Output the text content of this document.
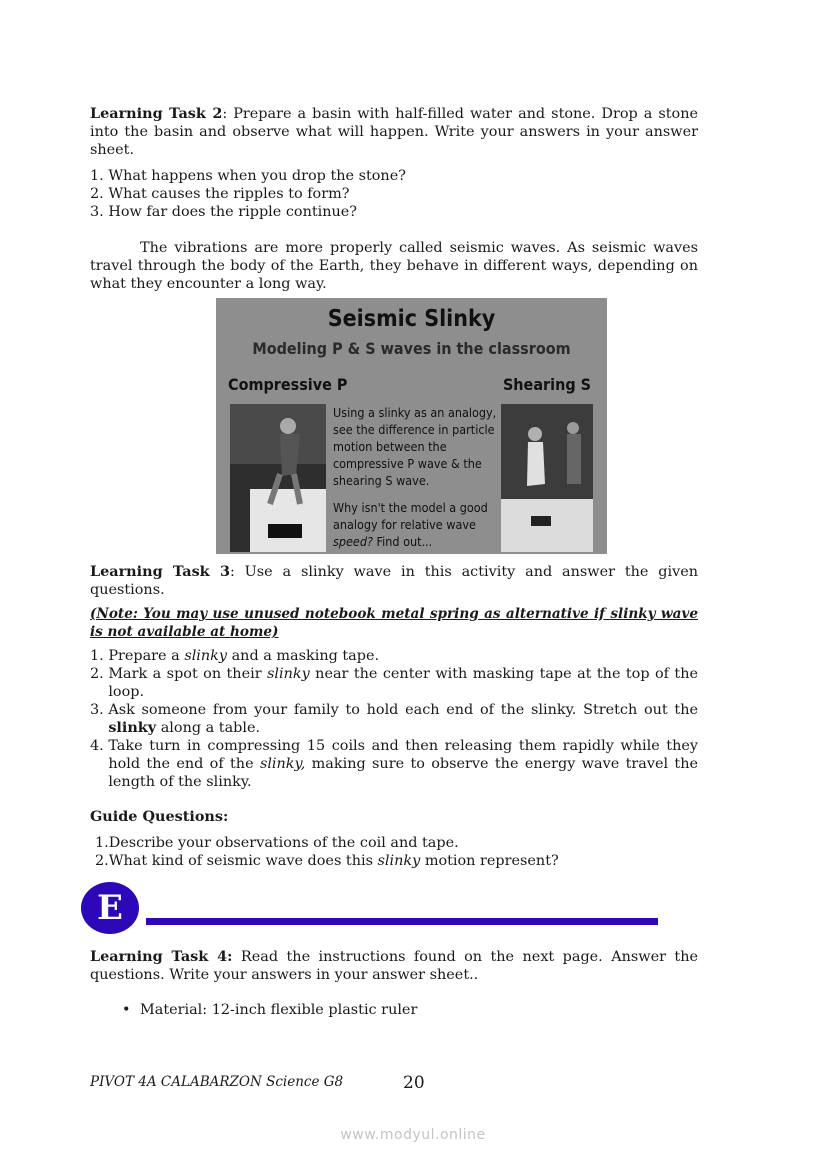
Learning Task 2: Prepare a basin with half-filled water and stone. Drop a stone into the basin and observe what will happen. Write your answers in your answer sheet.
1.
What happens when you drop the stone?
2.
What causes the ripples to form?
3.
How far does the ripple continue?
The vibrations are more properly called seismic waves. As seismic waves travel through the body of the Earth, they behave in different ways, depending on what they encounter a long way.
Seismic Slinky
Modeling P & S waves in the classroom
Compressive P	Shearing S
Using a slinky as an analogy, see the difference in particle motion between the compressive P wave & the shearing S wave.
Why isn't the model a good analogy for relative wave speed? Find out...
Learning Task 3: Use a slinky wave in this activity and answer the given questions.
(Note: You may use unused notebook metal spring as alternative if slinky wave is not available at home)
1.
Prepare a slinky and a masking tape.
2.
Mark a spot on their slinky near the center with masking tape at the top of the loop.
3.
Ask someone from your family to hold each end of the slinky. Stretch out the slinky along a table.
4.
Take turn in compressing 15 coils and then releasing them rapidly while they hold the end of the slinky, making sure to observe the energy wave travel the length of the slinky.
Guide Questions:
1.Describe your observations of the coil and tape.
2.What kind of seismic wave does this slinky motion represent?
E
Learning Task 4: Read the instructions found on the next page. Answer the questions. Write your answers in your answer sheet..
• Material: 12-inch flexible plastic ruler
PIVOT 4A CALABARZON Science G8	20
www.modyul.online
